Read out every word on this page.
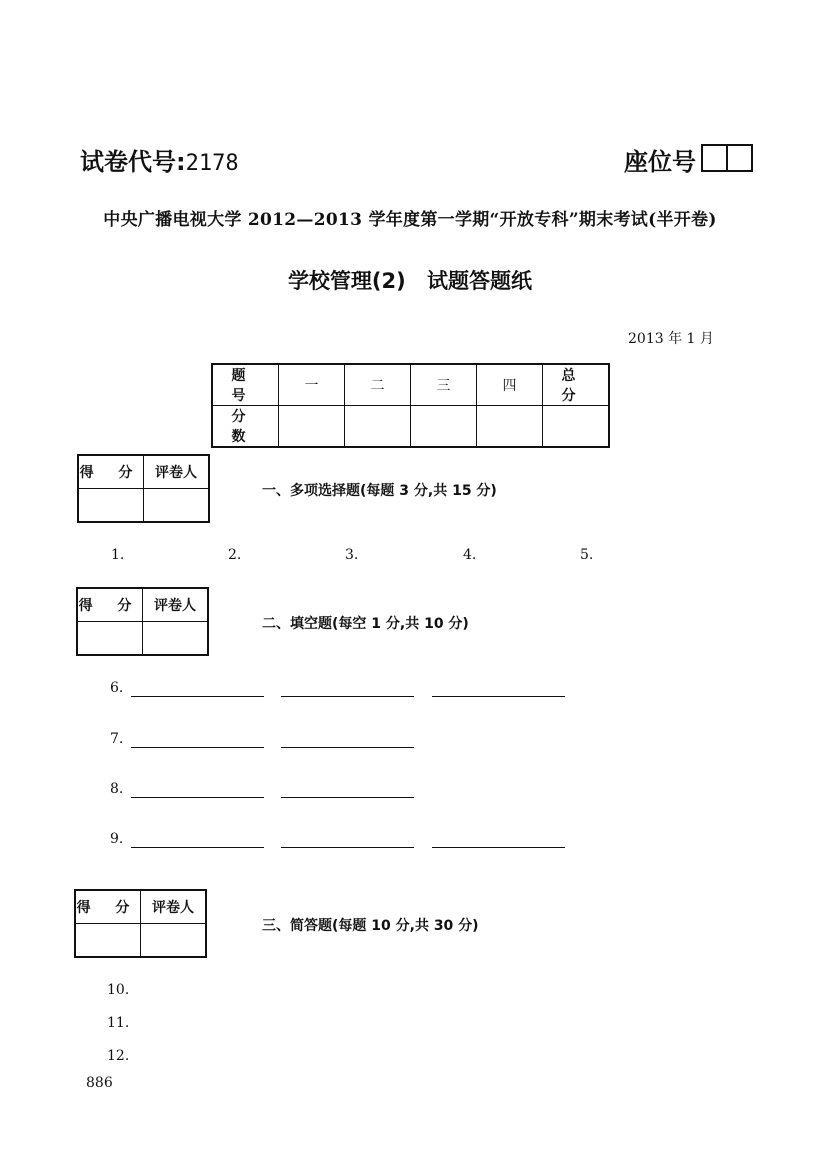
试卷代号:2178	座位号
中央广播电视大学 2012—2013 学年度第一学期“开放专科”期末考试(半开卷)
学校管理(2) 试题答题纸
2013 年 1 月
题 号	一	二	三	四	总 分
分 数					
得 分	评卷人

一、多项选择题(每题 3 分,共 15 分)
1.	2.	3.	4.	5.
得 分	评卷人

二、填空题(每空 1 分,共 10 分)
6.
7.
8.
9.
得 分	评卷人

三、简答题(每题 10 分,共 30 分)
10.
11.
12.
886
